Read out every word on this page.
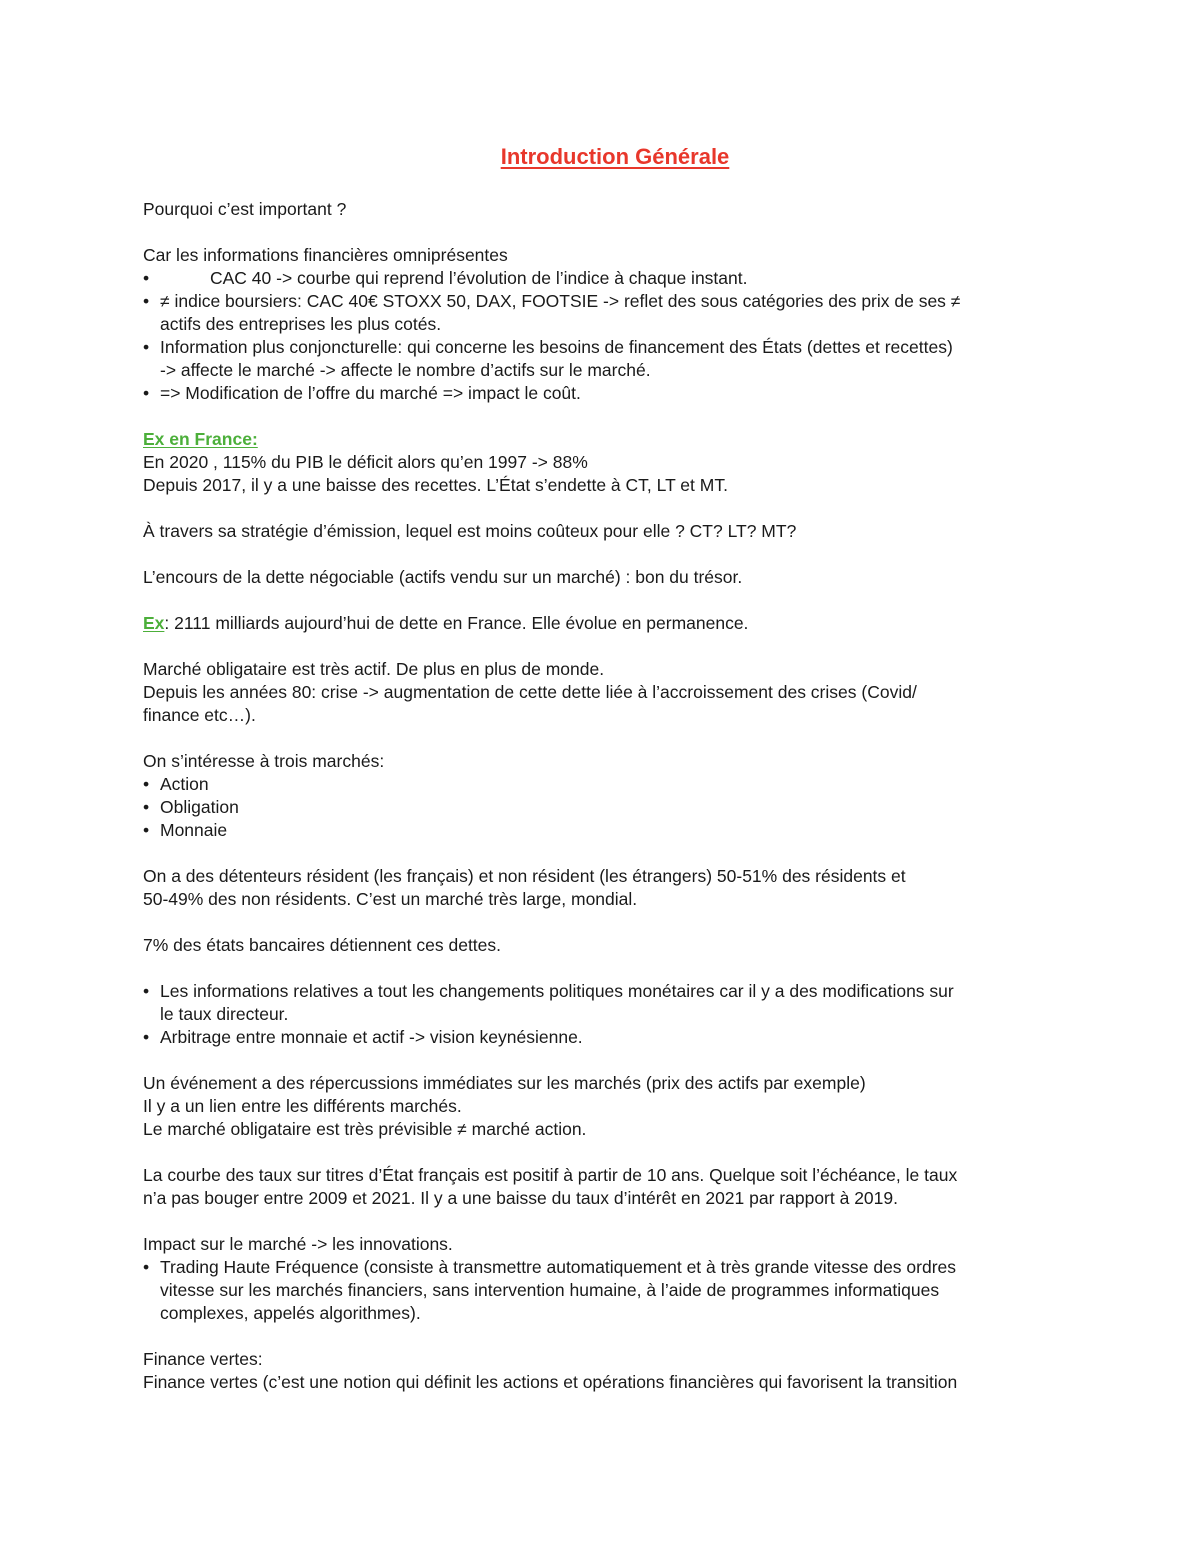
Introduction Générale

Pourquoi c’est important ?

Car les informations financières omniprésentes

•	CAC 40 -> courbe qui reprend l’évolution de l’indice à chaque instant.
• ≠ indice boursiers: CAC 40€ STOXX 50, DAX, FOOTSIE -> reflet des sous catégories des prix de ses ≠
actifs des entreprises les plus cotés.
• Information plus conjoncturelle: qui concerne les besoins de financement des États (dettes et recettes)
-> affecte le marché -> affecte le nombre d’actifs sur le marché.
• => Modification de l’offre du marché => impact le coût.

Ex en France:

En 2020 , 115% du PIB le déficit alors qu’en 1997 -> 88%

Depuis 2017, il y a une baisse des recettes. L’État s’endette à CT, LT et MT.

À travers sa stratégie d’émission, lequel est moins coûteux pour elle ? CT? LT? MT?

L’encours de la dette négociable (actifs vendu sur un marché) : bon du trésor.

Ex: 2111 milliards aujourd’hui de dette en France. Elle évolue en permanence.

Marché obligataire est très actif. De plus en plus de monde.

Depuis les années 80: crise -> augmentation de cette dette liée à l’accroissement des crises (Covid/

finance etc…).

On s’intéresse à trois marchés:

• Action
• Obligation
• Monnaie

On a des détenteurs résident (les français) et non résident (les étrangers) 50-51% des résidents et

50-49% des non résidents. C’est un marché très large, mondial.

7% des états bancaires détiennent ces dettes.

• Les informations relatives a tout les changements politiques monétaires car il y a des modifications sur
le taux directeur.
• Arbitrage entre monnaie et actif -> vision keynésienne.

Un événement a des répercussions immédiates sur les marchés (prix des actifs par exemple)

Il y a un lien entre les différents marchés.

Le marché obligataire est très prévisible ≠ marché action.

La courbe des taux sur titres d’État français est positif à partir de 10 ans. Quelque soit l’échéance, le taux

n’a pas bouger entre 2009 et 2021. Il y a une baisse du taux d’intérêt en 2021 par rapport à 2019.

Impact sur le marché -> les innovations.

• Trading Haute Fréquence (consiste à transmettre automatiquement et à très grande vitesse des ordres
vitesse sur les marchés financiers, sans intervention humaine, à l’aide de programmes informatiques
complexes, appelés algorithmes).

Finance vertes:

Finance vertes (c’est une notion qui définit les actions et opérations financières qui favorisent la transition
